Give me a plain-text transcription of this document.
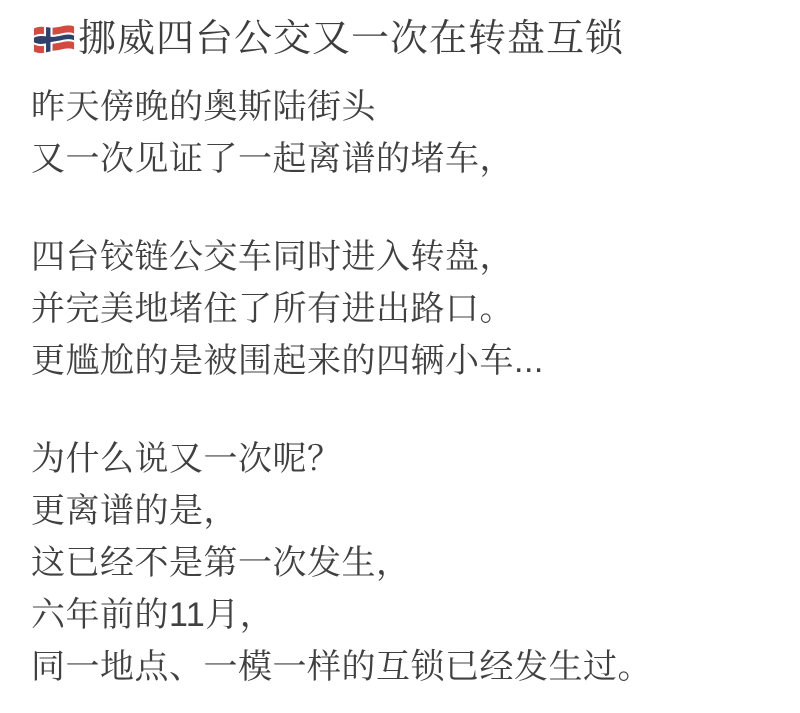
挪威四台公交又一次在转盘互锁

昨天傍晚的奥斯陆街头
又一次见证了一起离谱的堵车，

四台铰链公交车同时进入转盘，
并完美地堵住了所有进出路口。
更尴尬的是被围起来的四辆小车...

为什么说又一次呢？
更离谱的是，
这已经不是第一次发生，
六年前的11月，
同一地点、一模一样的互锁已经发生过。
